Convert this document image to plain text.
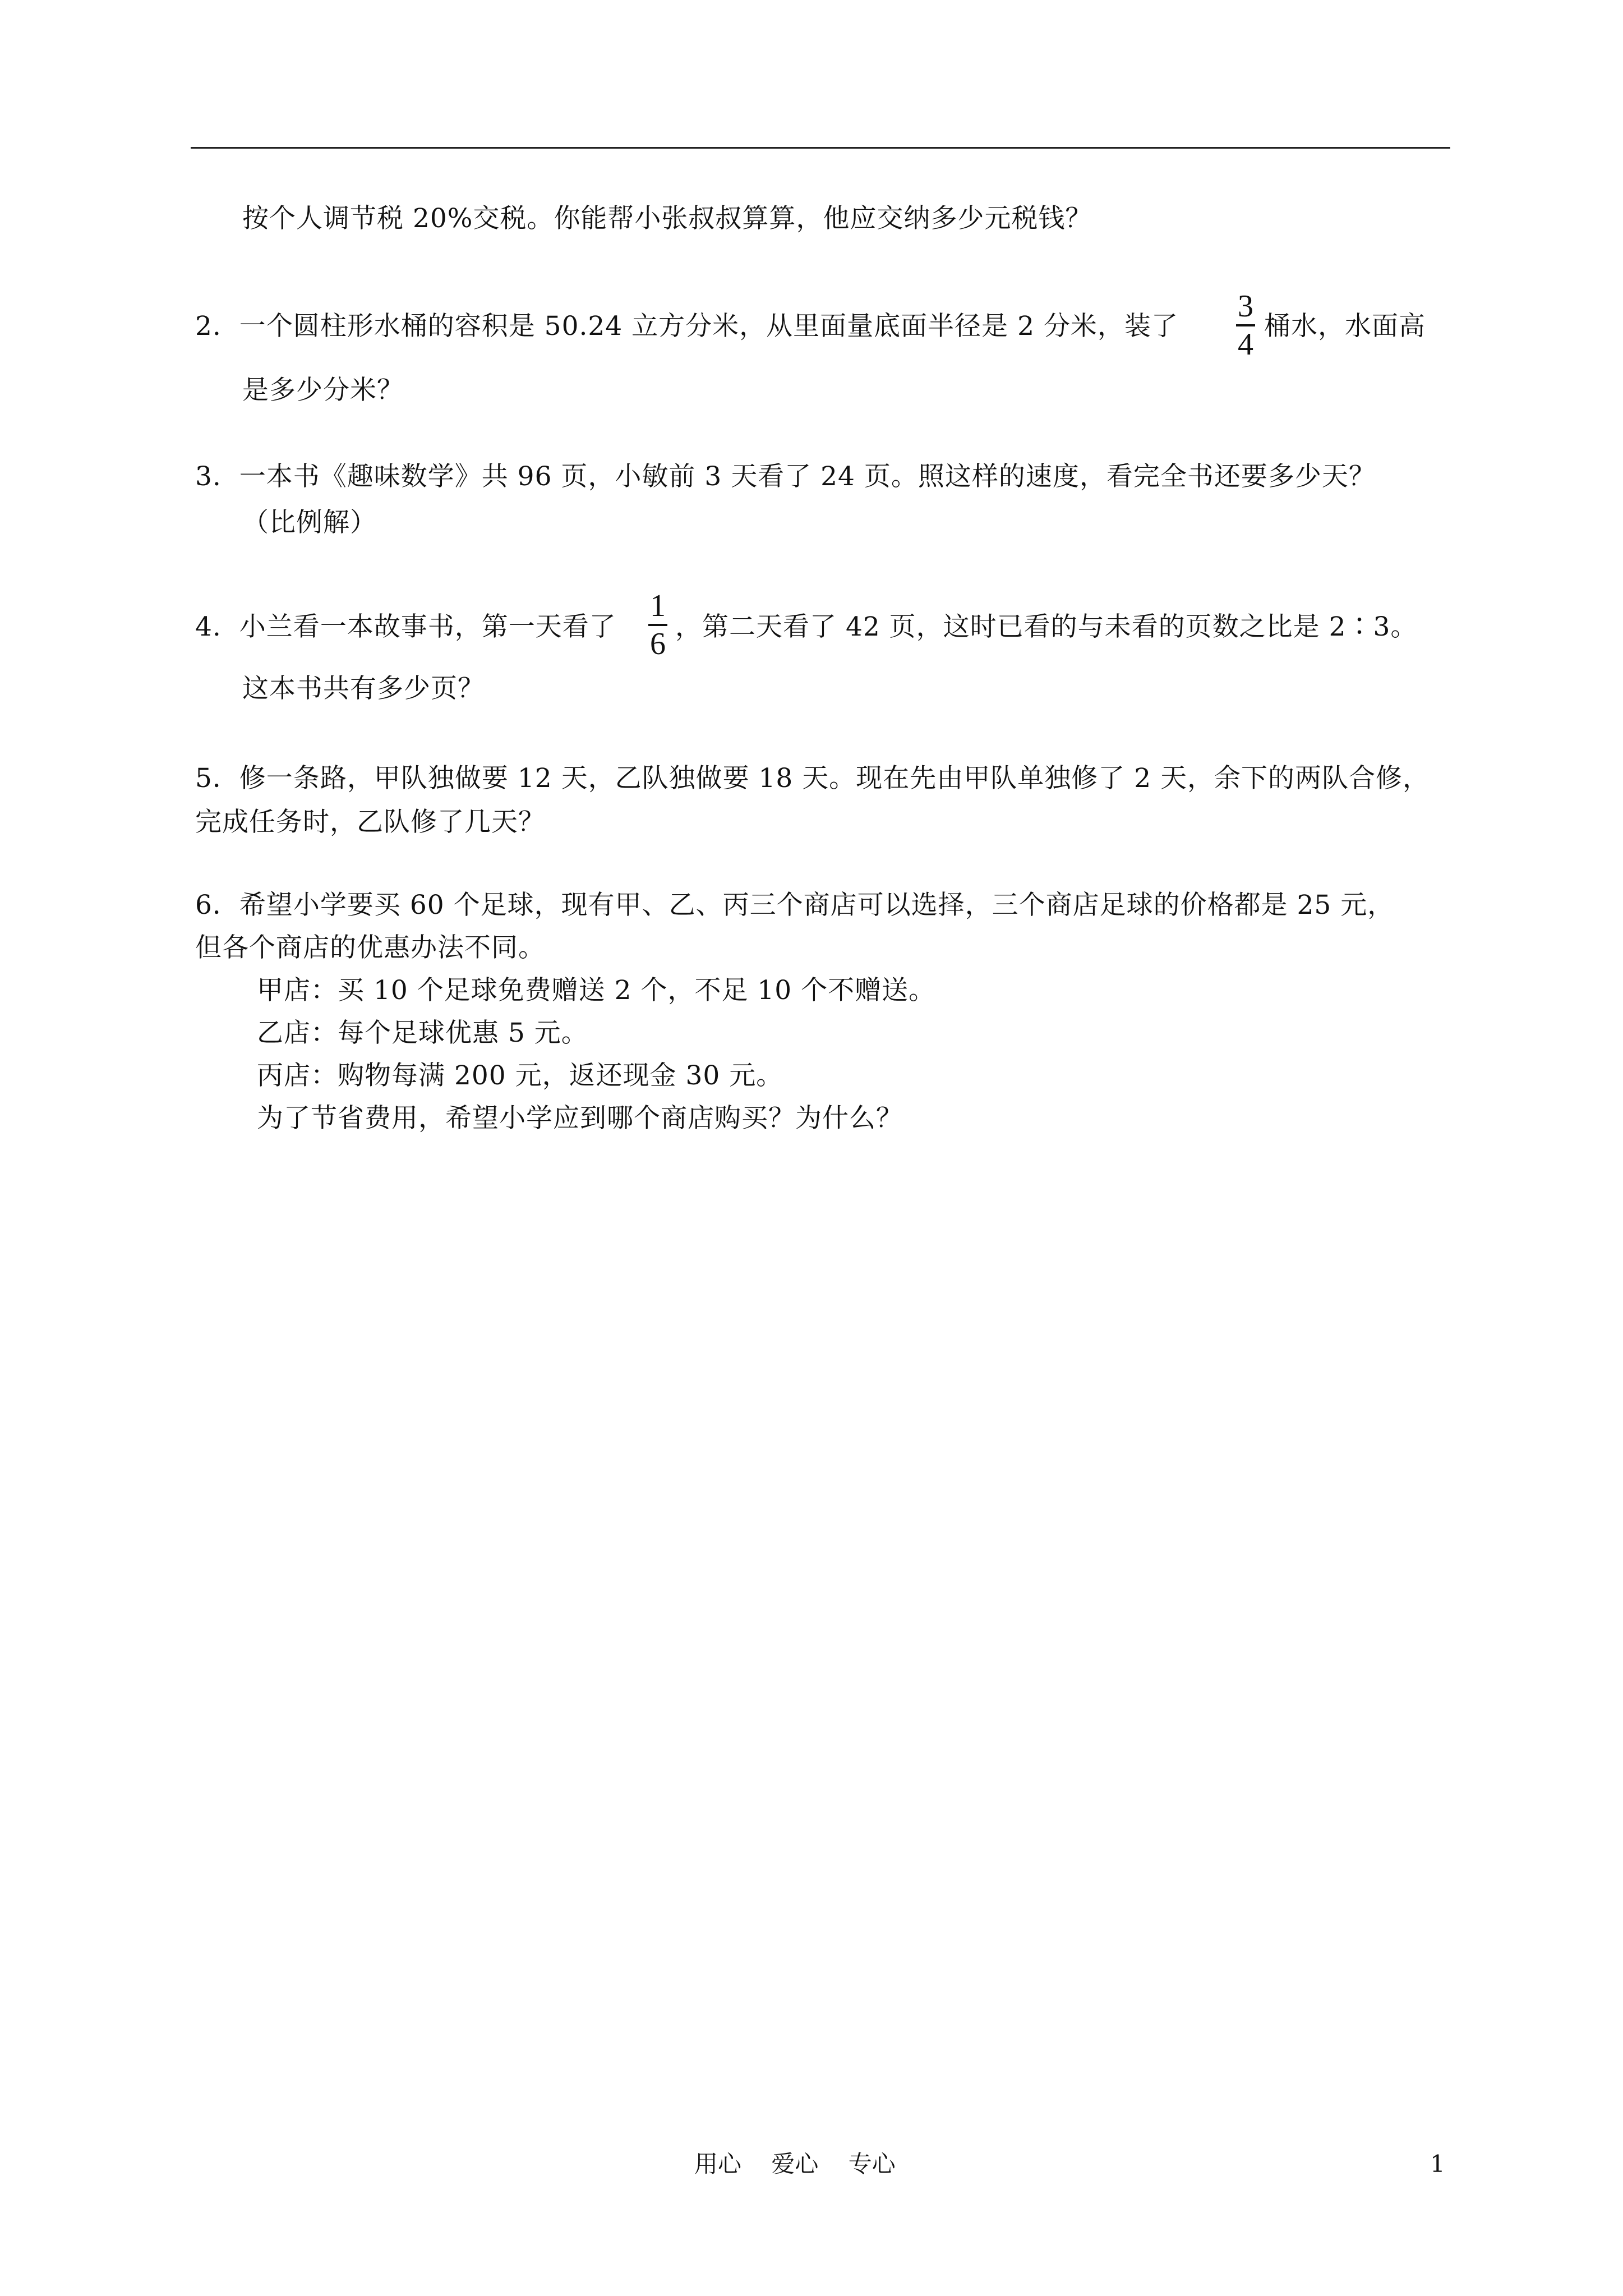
按个人调节税 20%交税。你能帮小张叔叔算算，他应交纳多少元税钱？
2.  一个圆柱形水桶的容积是 50.24 立方分米，从里面量底面半径是 2 分米，装了
3
4
桶水，水面高
是多少分米？
3.  一本书《趣味数学》共 96 页，小敏前 3 天看了 24 页。照这样的速度，看完全书还要多少天？
（比例解）
4.  小兰看一本故事书，第一天看了
1
6 ，第二天看了 42 页，这时已看的与未看的页数之比是 2∶3。
这本书共有多少页？
5．修一条路，甲队独做要 12 天，乙队独做要 18 天。现在先由甲队单独修了 2 天，余下的两队合修，
完成任务时，乙队修了几天？
6．希望小学要买 60 个足球，现有甲、乙、丙三个商店可以选择，三个商店足球的价格都是 25 元，
但各个商店的优惠办法不同。
甲店：买 10 个足球免费赠送 2 个，不足 10 个不赠送。
乙店：每个足球优惠 5 元。
丙店：购物每满 200 元，返还现金 30 元。
为了节省费用，希望小学应到哪个商店购买？为什么？
用心    爱心    专心	1
